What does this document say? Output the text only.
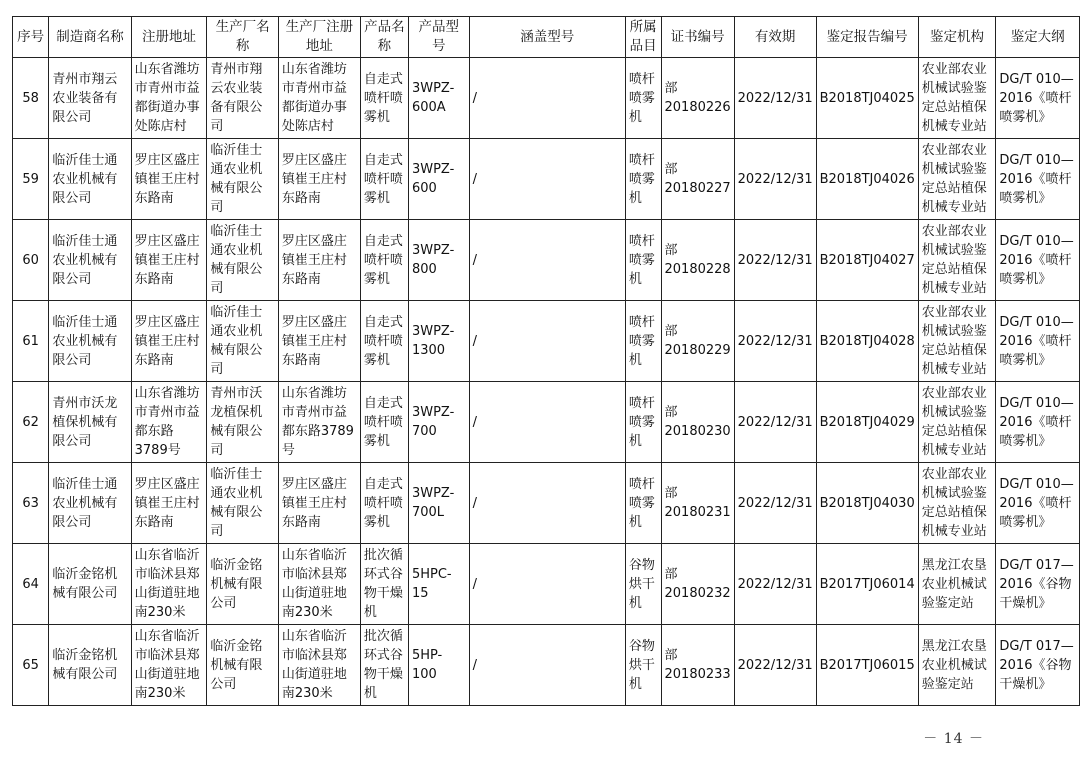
序号	制造商名称	注册地址	生产厂名称	生产厂注册地址	产品名称	产品型号	涵盖型号	所属品目	证书编号	有效期	鉴定报告编号	鉴定机构	鉴定大纲
58	青州市翔云农业装备有限公司	山东省潍坊市青州市益都街道办事处陈店村	青州市翔云农业装备有限公司	山东省潍坊市青州市益都街道办事处陈店村	自走式喷杆喷雾机	3WPZ-600A	/	喷杆喷雾机	部20180226	2022/12/31	B2018TJ04025	农业部农业机械试验鉴定总站植保机械专业站	DG/T 010—2016《喷杆喷雾机》
59	临沂佳士通农业机械有限公司	罗庄区盛庄镇崔王庄村东路南	临沂佳士通农业机械有限公司	罗庄区盛庄镇崔王庄村东路南	自走式喷杆喷雾机	3WPZ-600	/	喷杆喷雾机	部20180227	2022/12/31	B2018TJ04026	农业部农业机械试验鉴定总站植保机械专业站	DG/T 010—2016《喷杆喷雾机》
60	临沂佳士通农业机械有限公司	罗庄区盛庄镇崔王庄村东路南	临沂佳士通农业机械有限公司	罗庄区盛庄镇崔王庄村东路南	自走式喷杆喷雾机	3WPZ-800	/	喷杆喷雾机	部20180228	2022/12/31	B2018TJ04027	农业部农业机械试验鉴定总站植保机械专业站	DG/T 010—2016《喷杆喷雾机》
61	临沂佳士通农业机械有限公司	罗庄区盛庄镇崔王庄村东路南	临沂佳士通农业机械有限公司	罗庄区盛庄镇崔王庄村东路南	自走式喷杆喷雾机	3WPZ-1300	/	喷杆喷雾机	部20180229	2022/12/31	B2018TJ04028	农业部农业机械试验鉴定总站植保机械专业站	DG/T 010—2016《喷杆喷雾机》
62	青州市沃龙植保机械有限公司	山东省潍坊市青州市益都东路3789号	青州市沃龙植保机械有限公司	山东省潍坊市青州市益都东路3789号	自走式喷杆喷雾机	3WPZ-700	/	喷杆喷雾机	部20180230	2022/12/31	B2018TJ04029	农业部农业机械试验鉴定总站植保机械专业站	DG/T 010—2016《喷杆喷雾机》
63	临沂佳士通农业机械有限公司	罗庄区盛庄镇崔王庄村东路南	临沂佳士通农业机械有限公司	罗庄区盛庄镇崔王庄村东路南	自走式喷杆喷雾机	3WPZ-700L	/	喷杆喷雾机	部20180231	2022/12/31	B2018TJ04030	农业部农业机械试验鉴定总站植保机械专业站	DG/T 010—2016《喷杆喷雾机》
64	临沂金铭机械有限公司	山东省临沂市临沭县郑山街道驻地南230米	临沂金铭机械有限公司	山东省临沂市临沭县郑山街道驻地南230米	批次循环式谷物干燥机	5HPC-15	/	谷物烘干机	部20180232	2022/12/31	B2017TJ06014	黑龙江农垦农业机械试验鉴定站	DG/T 017—2016《谷物干燥机》
65	临沂金铭机械有限公司	山东省临沂市临沭县郑山街道驻地南230米	临沂金铭机械有限公司	山东省临沂市临沭县郑山街道驻地南230米	批次循环式谷物干燥机	5HP-100	/	谷物烘干机	部20180233	2022/12/31	B2017TJ06015	黑龙江农垦农业机械试验鉴定站	DG/T 017—2016《谷物干燥机》
－ 14 －
